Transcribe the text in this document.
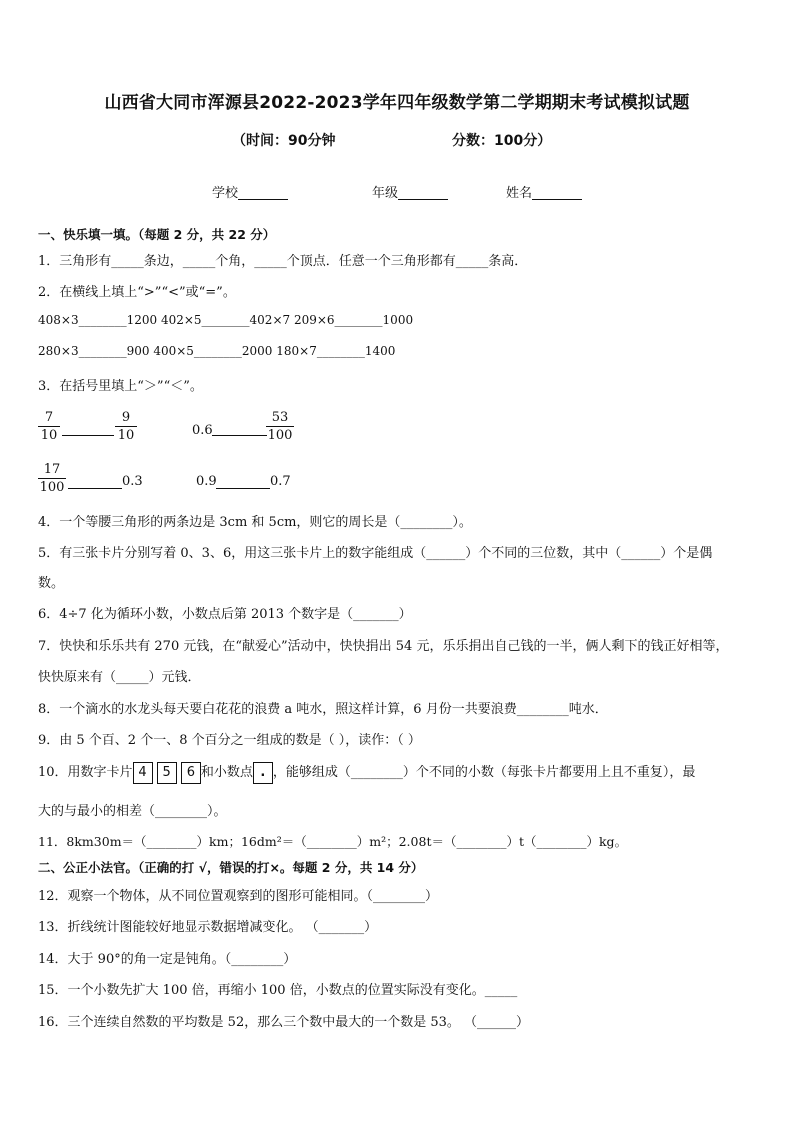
山西省大同市浑源县2022-2023学年四年级数学第二学期期末考试模拟试题
（时间：90分钟	分数：100分）
学校	年级	姓名
一、快乐填一填。（每题 2 分，共 22 分）
1．三角形有_____条边，_____个角，_____个顶点．任意一个三角形都有_____条高．
2．在横线上填上“>”“<”或“=”。
408×3________1200 402×5________402×7 209×6________1000
280×3________900 400×5________2000 180×7________1400
3．在括号里填上“＞”“＜”。
$\frac{7}{10}$	$\frac{9}{10}$	0.6	$\frac{53}{100}$
$\frac{17}{100}$	0.3	0.9	0.7
4．一个等腰三角形的两条边是 3cm 和 5cm，则它的周长是（________）。
5．有三张卡片分别写着 0、3、6，用这三张卡片上的数字能组成（______）个不同的三位数，其中（______）个是偶
数。
6．4÷7 化为循环小数，小数点后第 2013 个数字是（_______）
7．快快和乐乐共有 270 元钱，在“献爱心”活动中，快快捐出 54 元，乐乐捐出自己钱的一半，俩人剩下的钱正好相等，
快快原来有（_____）元钱．
8．一个滴水的水龙头每天要白花花的浪费 a 吨水，照这样计算，6 月份一共要浪费________吨水．
9．由 5 个百、2 个一、8 个百分之一组成的数是（ ），读作：（ ）
10．用数字卡片 4 5 6 和小数点 . ，能够组成（________）个不同的小数（每张卡片都要用上且不重复），最
大的与最小的相差（________）。
11．8km30m＝（________）km；16dm²＝（________）m²；2.08t＝（________）t（________）kg。
二、公正小法官。（正确的打 √，错误的打×。每题 2 分，共 14 分）
12．观察一个物体，从不同位置观察到的图形可能相同。（________）
13．折线统计图能较好地显示数据增减变化。 （_______）
14．大于 90°的角一定是钝角。（________）
15．一个小数先扩大 100 倍，再缩小 100 倍，小数点的位置实际没有变化。_____
16．三个连续自然数的平均数是 52，那么三个数中最大的一个数是 53。 （______）
